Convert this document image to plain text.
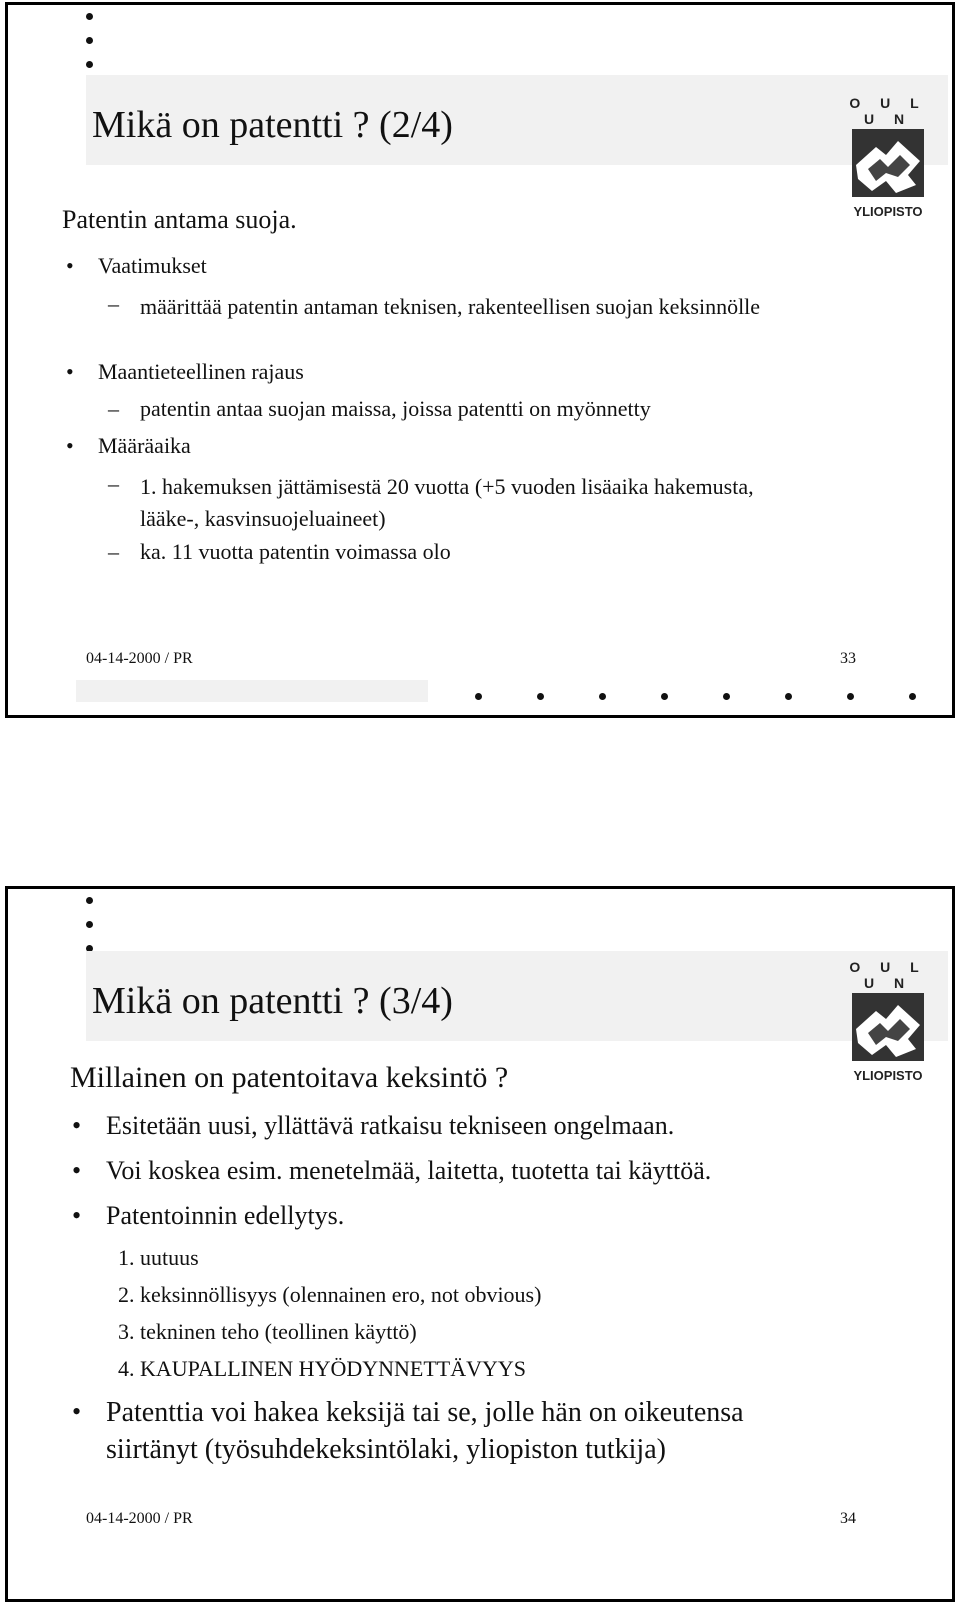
Mikä on patentti ? (2/4)
O U L U N
YLIOPISTO
Patentin antama suoja.
• Vaatimukset
– määrittää patentin antaman teknisen, rakenteellisen suojan keksinnölle
• Maantieteellinen rajaus
– patentin antaa suojan maissa, joissa patentti on myönnetty
• Määräaika
– 1. hakemuksen jättämisestä 20 vuotta (+5 vuoden lisäaika hakemusta, lääke-, kasvinsuojeluaineet)
– ka. 11 vuotta patentin voimassa olo
04-14-2000 / PR	33
Mikä on patentti ? (3/4)
O U L U N
YLIOPISTO
Millainen on patentoitava keksintö ?
• Esitetään uusi, yllättävä ratkaisu tekniseen ongelmaan.
• Voi koskea esim. menetelmää, laitetta, tuotetta tai käyttöä.
• Patentoinnin edellytys.
1. uutuus
2. keksinnöllisyys (olennainen ero, not obvious)
3. tekninen teho (teollinen käyttö)
4. KAUPALLINEN HYÖDYNNETTÄVYYS
• Patenttia voi hakea keksijä tai se, jolle hän on oikeutensa
siirtänyt (työsuhdekeksintölaki, yliopiston tutkija)
04-14-2000 / PR	34
